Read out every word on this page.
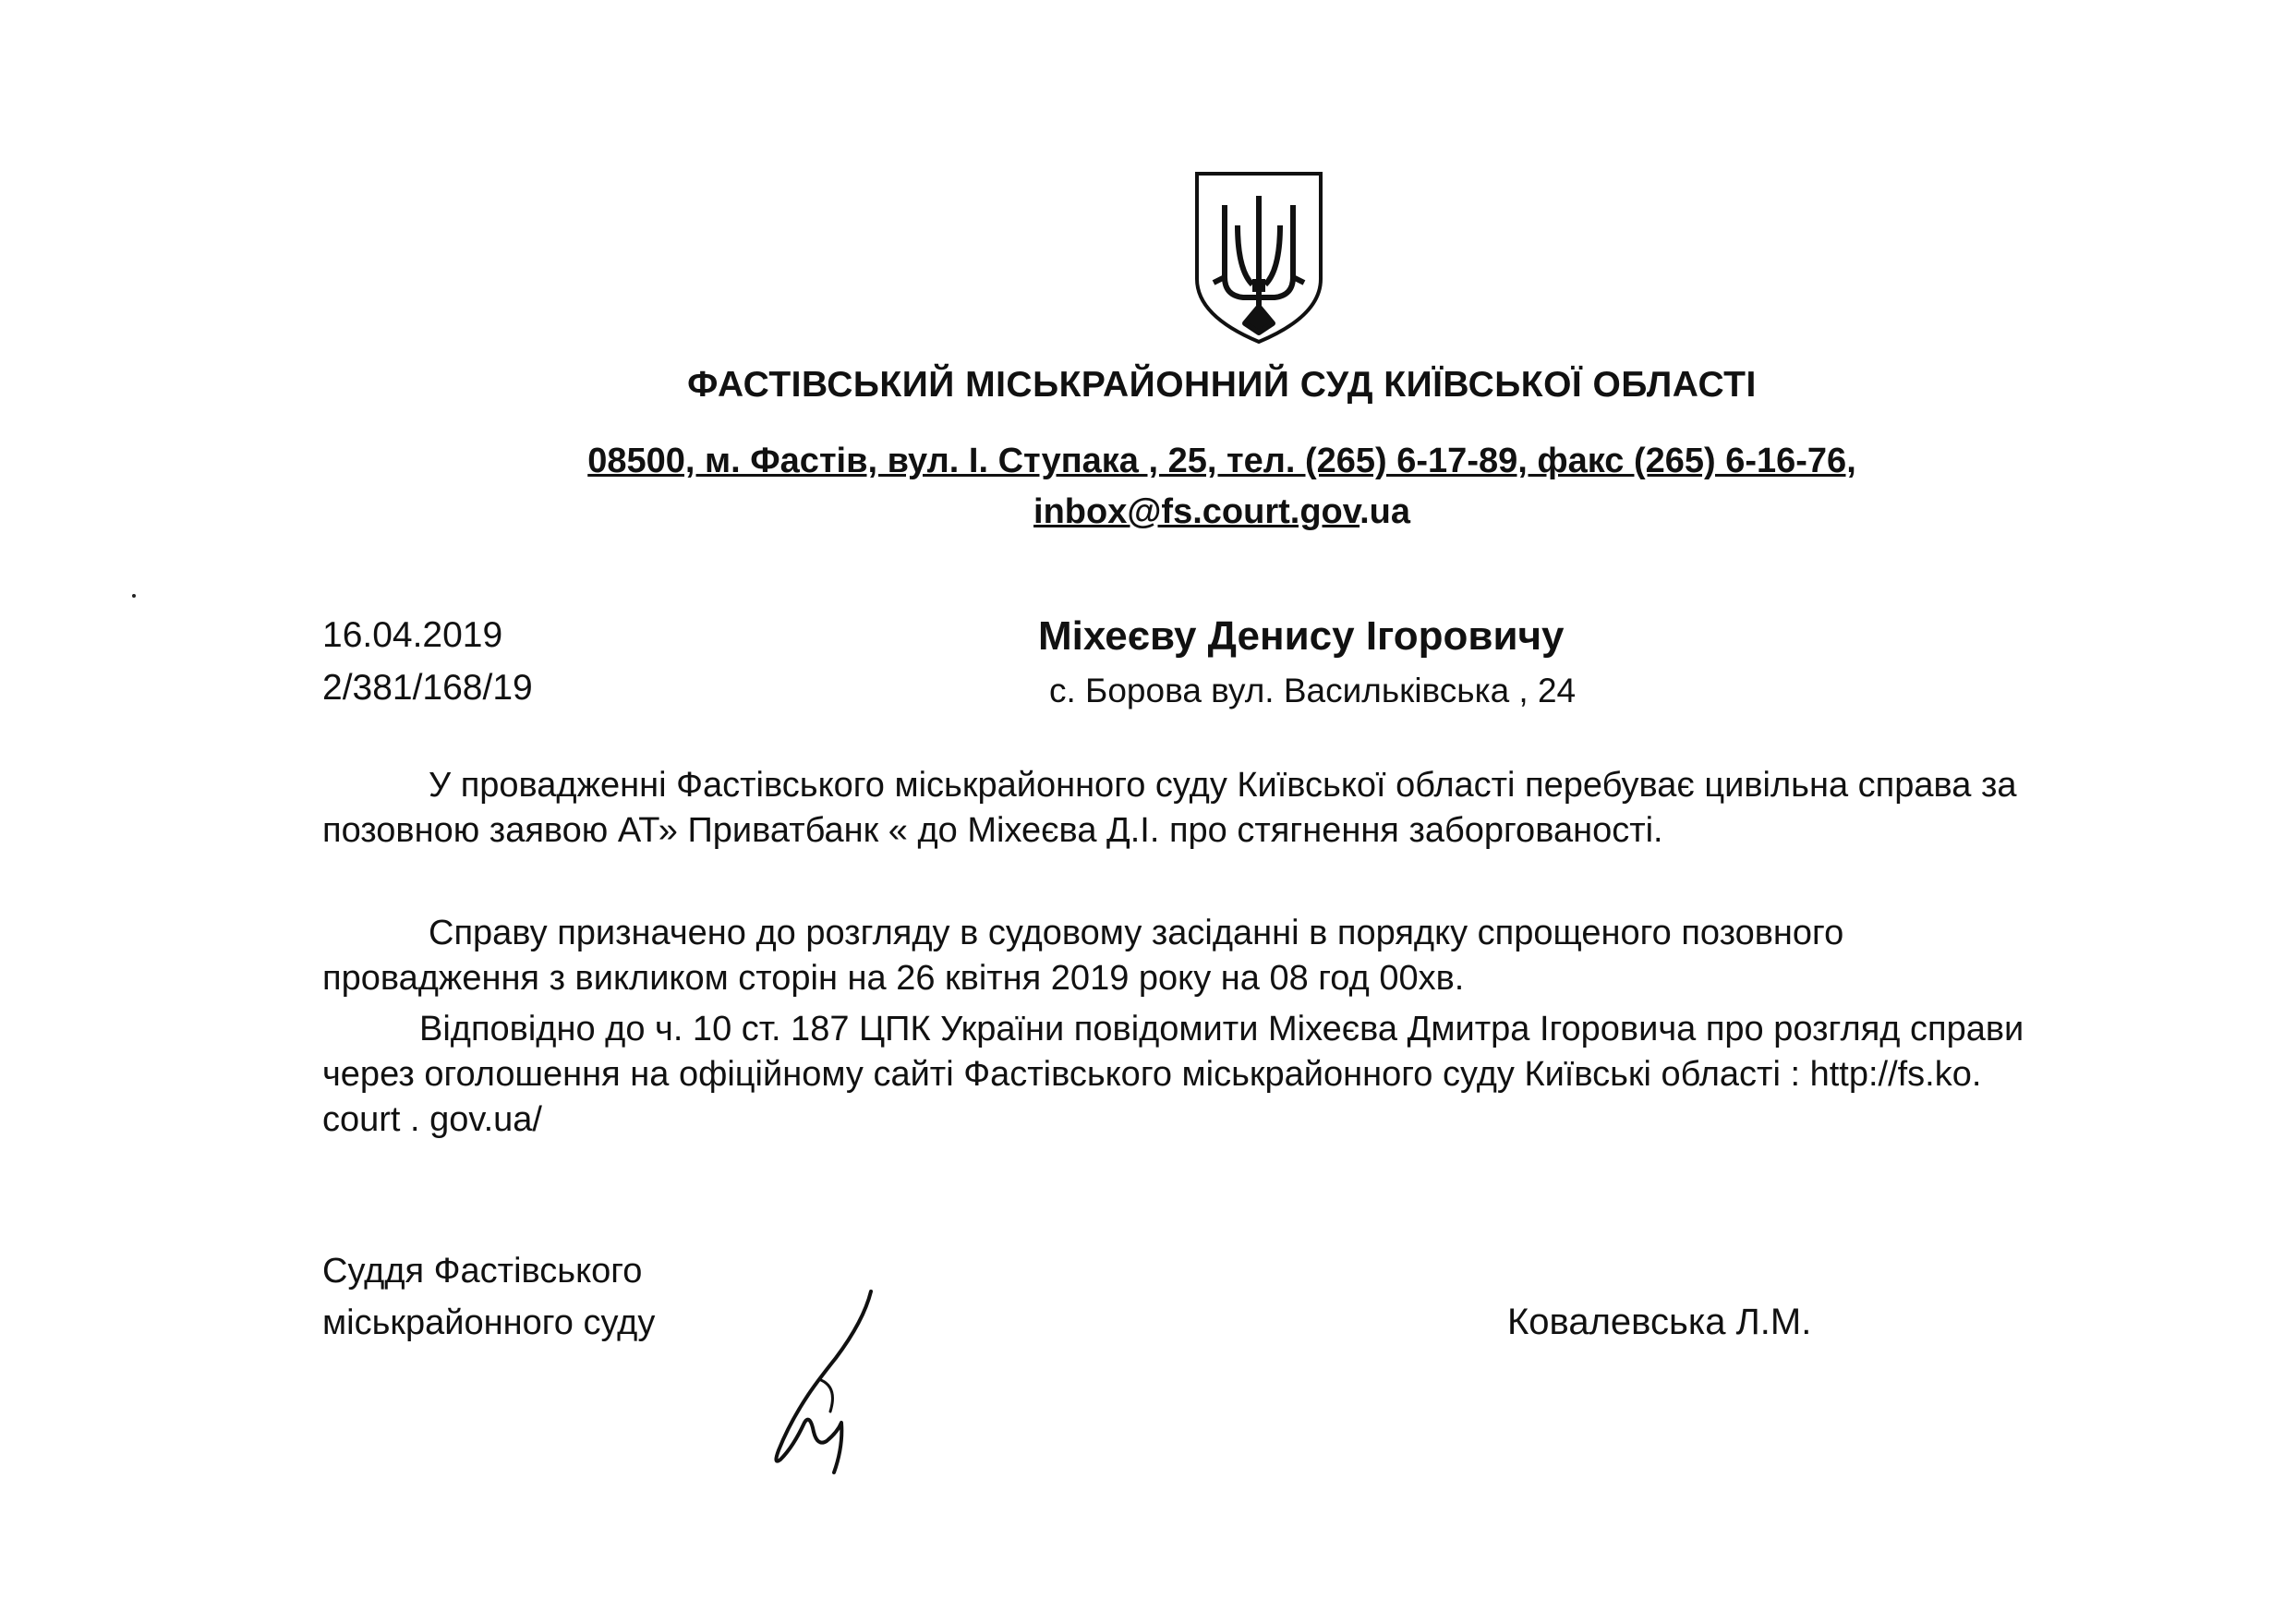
ФАСТІВСЬКИЙ МІСЬКРАЙОННИЙ СУД КИЇВСЬКОЇ ОБЛАСТІ
08500, м. Фастів, вул. І. Ступака , 25, тел. (265) 6-17-89, факс (265) 6-16-76,
inbox@fs.court.gov.ua
16.04.2019
2/381/168/19
Міхеєву Денису Ігоровичу
с. Борова вул. Васильківська , 24
У провадженні Фастівського міськрайонного суду Київської області перебуває цивільна справа за позовною заявою АТ» Приватбанк « до Міхеєва Д.І. про стягнення заборгованості.
Справу призначено до розгляду в судовому засіданні в порядку спрощеного позовного провадження з викликом сторін на 26 квітня 2019 року на 08 год 00хв.
Відповідно до ч. 10 ст. 187 ЦПК України повідомити Міхеєва Дмитра Ігоровича про розгляд справи через оголошення на офіційному сайті Фастівського міськрайонного суду Київські області : http://fs.ko. court . gov.ua/
Суддя Фастівського
міськрайонного суду	Ковалевська Л.М.
